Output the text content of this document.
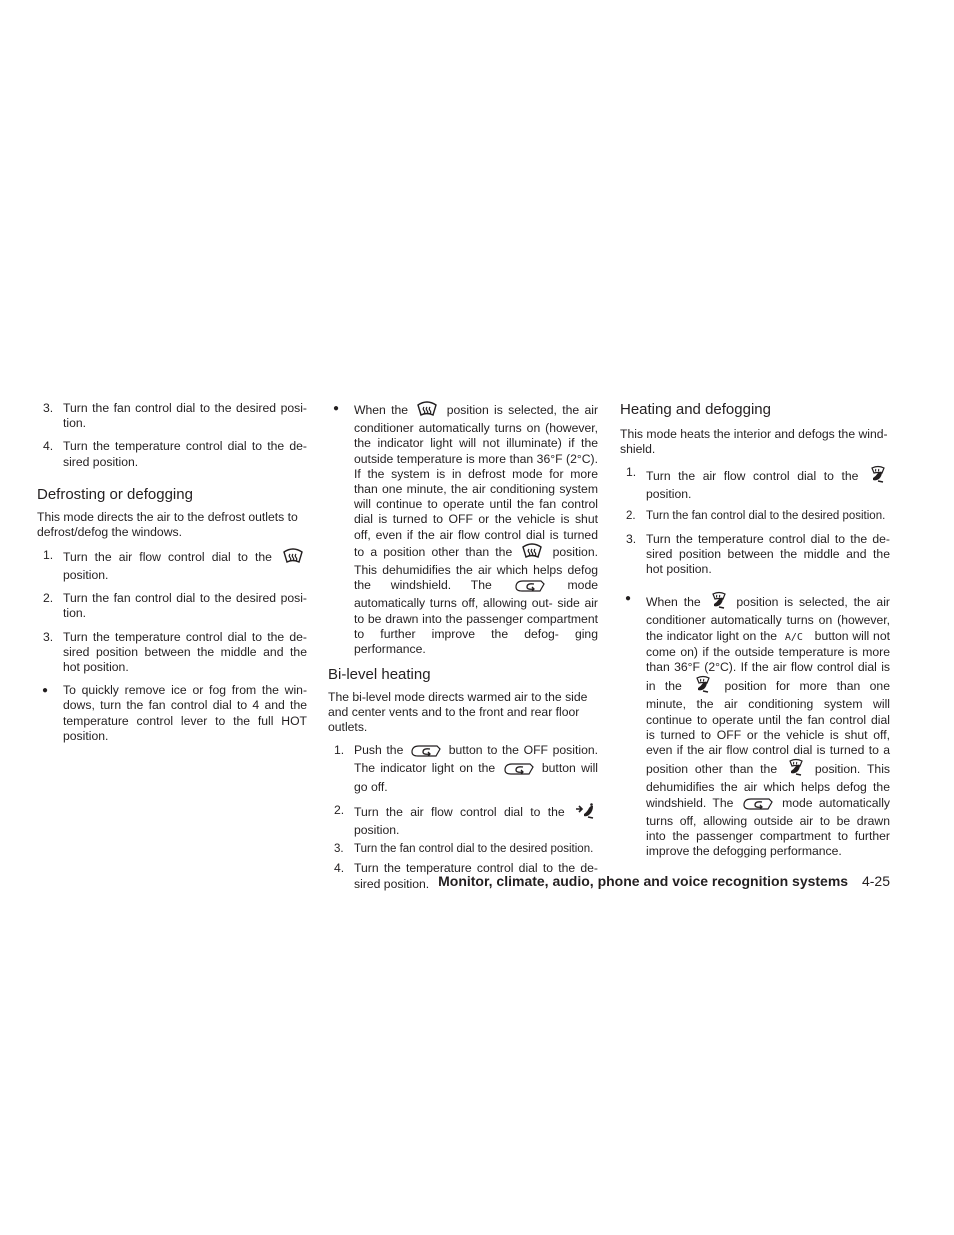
3. Turn the fan control dial to the desired posi- tion.
4. Turn the temperature control dial to the de- sired position.
Defrosting or defogging

This mode directs the air to the defrost outlets to defrost/defog the windows.

1. Turn the air flow control dial to the  position.
2. Turn the fan control dial to the desired posi- tion.
3. Turn the temperature control dial to the de- sired position between the middle and the hot position.
● To quickly remove ice or fog from the win- dows, turn the fan control dial to 4 and the temperature control lever to the full HOT position.
● When the	position is selected, the air conditioner automatically turns on (however, the indicator light will not illuminate) if the outside temperature is more than 36°F (2°C). If the system is in defrost mode for more than one minute, the air conditioning system will continue to operate until the fan control dial is turned to OFF or the vehicle is shut off, even if the air flow control dial is turned to a position other than the	position. This dehumidifies the air which helps defog the windshield. The	mode automatically turns off, allowing out- side air to be drawn into the passenger compartment to further improve the defog- ging performance.
Bi-level heating

The bi-level mode directs warmed air to the side and center vents and to the front and rear floor outlets.

1. Push the	button to the OFF position. The indicator light on the	button will go off.
2. Turn the air flow control dial to the  position.
3. Turn the fan control dial to the desired position.
4. Turn the temperature control dial to the de- sired position.
Heating and defogging

This mode heats the interior and defogs the wind- shield.

1. Turn the air flow control dial to the  position.
2. Turn the fan control dial to the desired position.
3. Turn the temperature control dial to the de- sired position between the middle and the hot position.
● When the	position is selected, the air conditioner automatically turns on (however, the indicator light on the A/C button will not come on) if the outside temperature is more than 36°F (2°C). If the air flow control dial is in the	position for more than one minute, the air conditioning system will continue to operate until the fan control dial is turned to OFF or the vehicle is shut off, even if the air flow control dial is turned to a position other than the	position. This dehumidifies the air which helps defog the windshield. The	mode automatically turns off, allowing outside air to be drawn into the passenger compartment to further improve the defogging performance.
Monitor, climate, audio, phone and voice recognition systems 4-25
